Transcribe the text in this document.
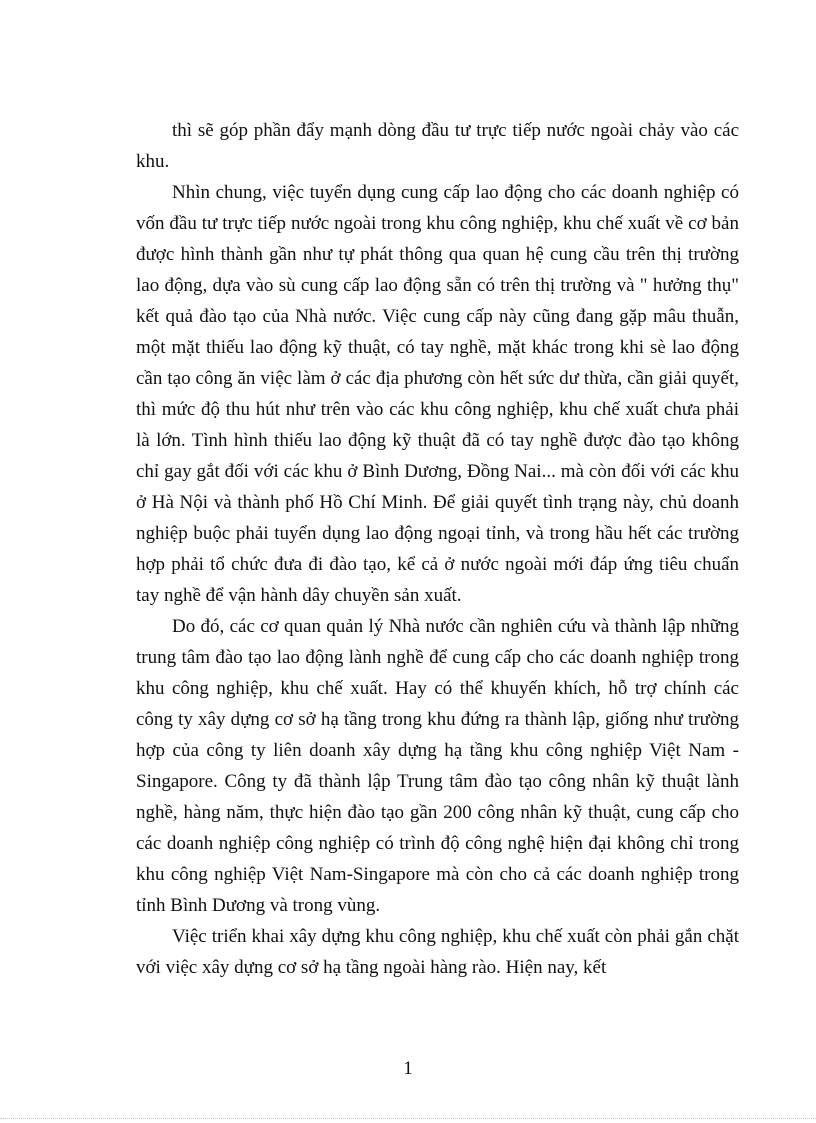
thì sẽ góp phần đẩy mạnh dòng đầu tư trực tiếp nước ngoài chảy vào các khu.

Nhìn chung, việc tuyển dụng cung cấp lao động cho các doanh nghiệp có vốn đầu tư trực tiếp nước ngoài trong khu công nghiệp, khu chế xuất về cơ bản được hình thành gần như tự phát thông qua quan hệ cung cầu trên thị trường lao động, dựa vào sù cung cấp lao động sẵn có trên thị trường và " hưởng thụ" kết quả đào tạo của Nhà nước. Việc cung cấp này cũng đang gặp mâu thuẫn, một mặt thiếu lao động kỹ thuật, có tay nghề, mặt khác trong khi sè lao động cần tạo công ăn việc làm ở các địa phương còn hết sức dư thừa, cần giải quyết, thì mức độ thu hút như trên vào các khu công nghiệp, khu chế xuất chưa phải là lớn. Tình hình thiếu lao động kỹ thuật đã có tay nghề được đào tạo không chỉ gay gắt đối với các khu ở Bình Dương, Đồng Nai... mà còn đối với các khu ở Hà Nội và thành phố Hồ Chí Minh. Để giải quyết tình trạng này, chủ doanh nghiệp buộc phải tuyển dụng lao động ngoại tỉnh, và trong hầu hết các trường hợp phải tổ chức đưa đi đào tạo, kể cả ở nước ngoài mới đáp ứng tiêu chuẩn tay nghề để vận hành dây chuyền sản xuất.

Do đó, các cơ quan quản lý Nhà nước cần nghiên cứu và thành lập những trung tâm đào tạo lao động lành nghề để cung cấp cho các doanh nghiệp trong khu công nghiệp, khu chế xuất. Hay có thể khuyến khích, hỗ trợ chính các công ty xây dựng cơ sở hạ tầng trong khu đứng ra thành lập, giống như trường hợp của công ty liên doanh xây dựng hạ tầng khu công nghiệp Việt Nam - Singapore. Công ty đã thành lập Trung tâm đào tạo công nhân kỹ thuật lành nghề, hàng năm, thực hiện đào tạo gần 200 công nhân kỹ thuật, cung cấp cho các doanh nghiệp công nghiệp có trình độ công nghệ hiện đại không chỉ trong khu công nghiệp Việt Nam-Singapore mà còn cho cả các doanh nghiệp trong tỉnh Bình Dương và trong vùng.

Việc triển khai xây dựng khu công nghiệp, khu chế xuất còn phải gắn chặt với việc xây dựng cơ sở hạ tầng ngoài hàng rào. Hiện nay, kết

1
